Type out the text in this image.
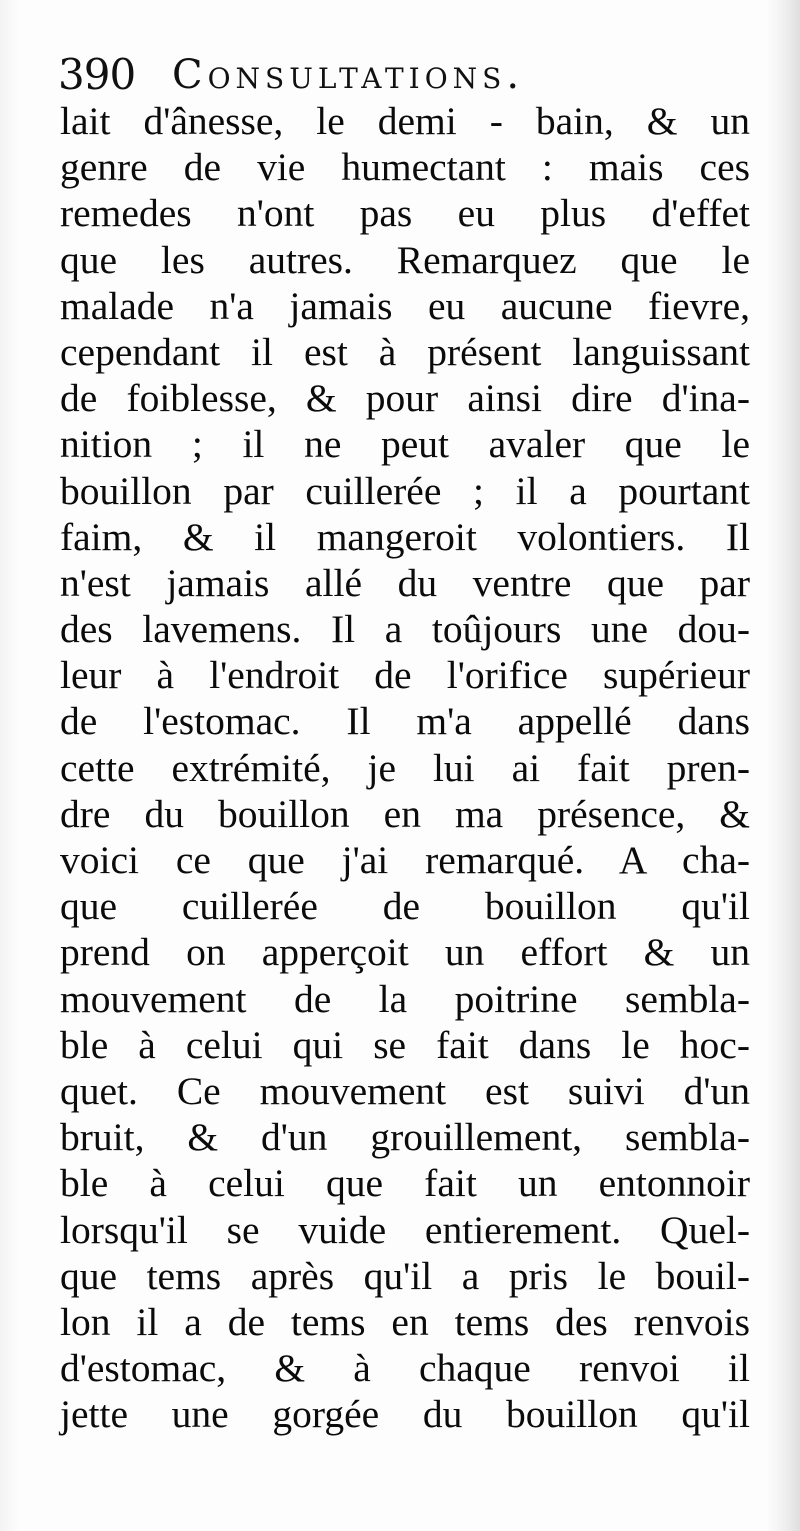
390 Consultations.
lait d'ânesse, le demi - bain, & un
genre de vie humectant : mais ces
remedes n'ont pas eu plus d'effet
que les autres. Remarquez que le
malade n'a jamais eu aucune fievre,
cependant il est à présent languissant
de foiblesse, & pour ainsi dire d'ina-
nition ; il ne peut avaler que le
bouillon par cuillerée ; il a pourtant
faim, & il mangeroit volontiers. Il
n'est jamais allé du ventre que par
des lavemens. Il a toûjours une dou-
leur à l'endroit de l'orifice supérieur
de l'estomac. Il m'a appellé dans
cette extrémité, je lui ai fait pren-
dre du bouillon en ma présence, &
voici ce que j'ai remarqué. A cha-
que cuillerée de bouillon qu'il
prend on apperçoit un effort & un
mouvement de la poitrine sembla-
ble à celui qui se fait dans le hoc-
quet. Ce mouvement est suivi d'un
bruit, & d'un grouillement, sembla-
ble à celui que fait un entonnoir
lorsqu'il se vuide entierement. Quel-
que tems après qu'il a pris le bouil-
lon il a de tems en tems des renvois
d'estomac, & à chaque renvoi il
jette une gorgée du bouillon qu'il
